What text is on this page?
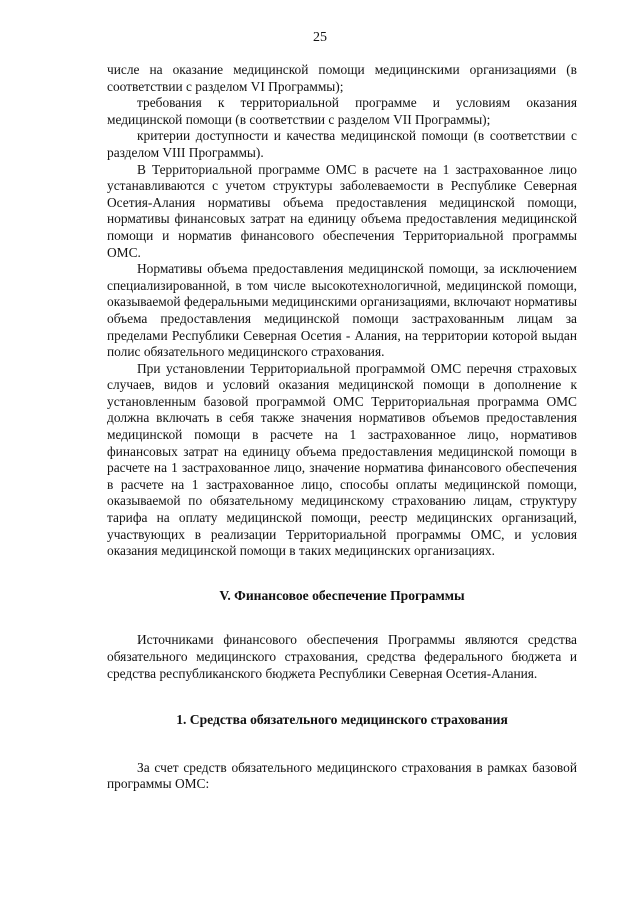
25

числе на оказание медицинской помощи медицинскими организациями (в соответствии с разделом VI Программы);

требования к территориальной программе и условиям оказания медицинской помощи (в соответствии с разделом VII Программы);

критерии доступности и качества медицинской помощи (в соответствии с разделом VIII Программы).

В Территориальной программе ОМС в расчете на 1 застрахованное лицо устанавливаются с учетом структуры заболеваемости в Республике Северная Осетия-Алания нормативы объема предоставления медицинской помощи, нормативы финансовых затрат на единицу объема предоставления медицинской помощи и норматив финансового обеспечения Территориальной программы ОМС.

Нормативы объема предоставления медицинской помощи, за исключением специализированной, в том числе высокотехнологичной, медицинской помощи, оказываемой федеральными медицинскими организациями, включают нормативы объема предоставления медицинской помощи застрахованным лицам за пределами Республики Северная Осетия - Алания, на территории которой выдан полис обязательного медицинского страхования.

При установлении Территориальной программой ОМС перечня страховых случаев, видов и условий оказания медицинской помощи в дополнение к установленным базовой программой ОМС Территориальная программа ОМС должна включать в себя также значения нормативов объемов предоставления медицинской помощи в расчете на 1 застрахованное лицо, нормативов финансовых затрат на единицу объема предоставления медицинской помощи в расчете на 1 застрахованное лицо, значение норматива финансового обеспечения в расчете на 1 застрахованное лицо, способы оплаты медицинской помощи, оказываемой по обязательному медицинскому страхованию лицам, структуру тарифа на оплату медицинской помощи, реестр медицинских организаций, участвующих в реализации Территориальной программы ОМС, и условия оказания медицинской помощи в таких медицинских организациях.

V. Финансовое обеспечение Программы

Источниками финансового обеспечения Программы являются средства обязательного медицинского страхования, средства федерального бюджета и средства республиканского бюджета Республики Северная Осетия-Алания.

1. Средства обязательного медицинского страхования

За счет средств обязательного медицинского страхования в рамках базовой программы ОМС:
